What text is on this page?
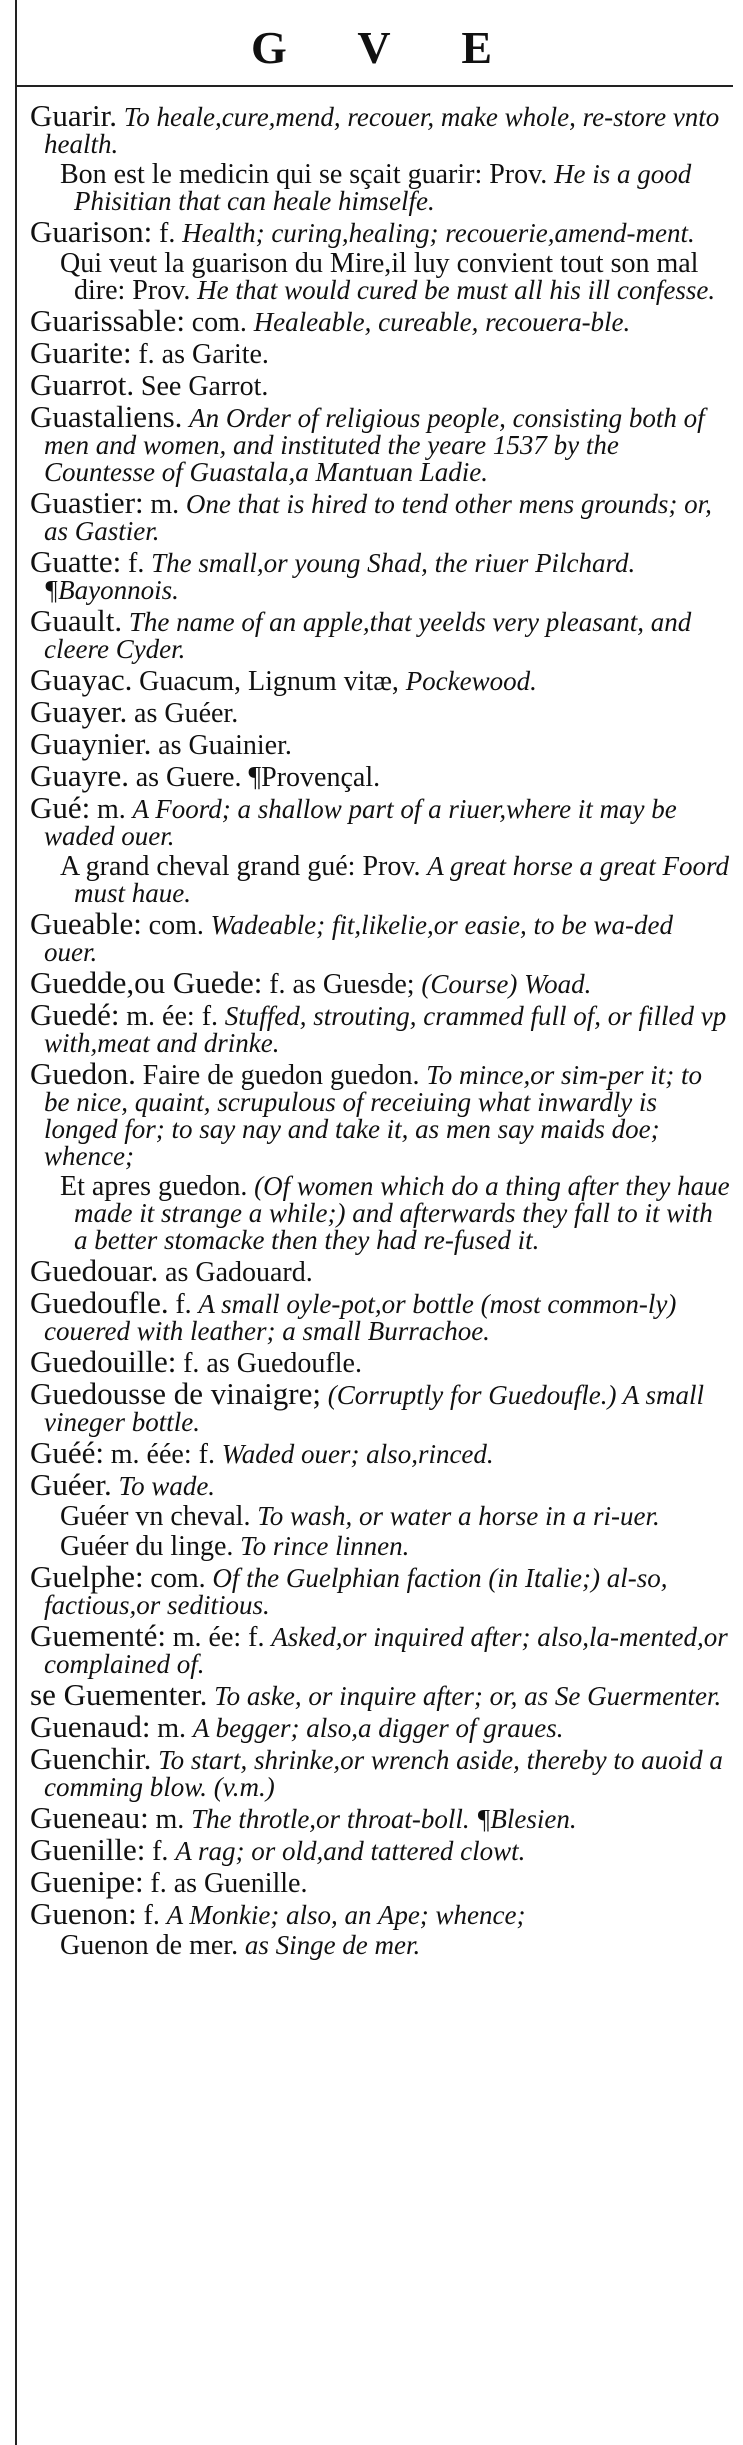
G V E
Guarir. To heale,cure,mend, recouer, make whole, re-store vnto health.
Bon est le medicin qui se sçait guarir: Prov. He is a good Phisitian that can heale himselfe.
Guarison: f. Health; curing,healing; recouerie,amend-ment.
Qui veut la guarison du Mire,il luy convient tout son mal dire: Prov. He that would cured be must all his ill confesse.
Guarissable: com. Healeable, cureable, recouera-ble.
Guarite: f. as Garite.
Guarrot. See Garrot.
Guastaliens. An Order of religious people, consisting both of men and women, and instituted the yeare 1537 by the Countesse of Guastala,a Mantuan Ladie.
Guastier: m. One that is hired to tend other mens grounds; or, as Gastier.
Guatte: f. The small,or young Shad, the riuer Pilchard. ¶Bayonnois.
Guault. The name of an apple,that yeelds very pleasant, and cleere Cyder.
Guayac. Guacum, Lignum vitæ, Pockewood.
Guayer. as Guéer.
Guaynier. as Guainier.
Guayre. as Guere. ¶Provençal.
Gué: m. A Foord; a shallow part of a riuer,where it may be waded ouer.
A grand cheval grand gué: Prov. A great horse a great Foord must haue.
Gueable: com. Wadeable; fit,likelie,or easie, to be wa-ded ouer.
Guedde,ou Guede: f. as Guesde; (Course) Woad.
Guedé: m. ée: f. Stuffed, strouting, crammed full of, or filled vp with,meat and drinke.
Guedon. Faire de guedon guedon. To mince,or sim-per it; to be nice, quaint, scrupulous of receiuing what inwardly is longed for; to say nay and take it, as men say maids doe; whence;
Et apres guedon. (Of women which do a thing after they haue made it strange a while;) and afterwards they fall to it with a better stomacke then they had re-fused it.
Guedouar. as Gadouard.
Guedoufle. f. A small oyle-pot,or bottle (most common-ly) couered with leather; a small Burrachoe.
Guedouille: f. as Guedoufle.
Guedousse de vinaigre; (Corruptly for Guedoufle.) A small vineger bottle.
Guéé: m. éée: f. Waded ouer; also,rinced.
Guéer. To wade.
Guéer vn cheval. To wash, or water a horse in a ri-uer.
Guéer du linge. To rince linnen.
Guelphe: com. Of the Guelphian faction (in Italie;) al-so, factious,or seditious.
Guementé: m. ée: f. Asked,or inquired after; also,la-mented,or complained of.
se Guementer. To aske, or inquire after; or, as Se Guermenter.
Guenaud: m. A begger; also,a digger of graues.
Guenchir. To start, shrinke,or wrench aside, thereby to auoid a comming blow. (v.m.)
Gueneau: m. The throtle,or throat-boll. ¶Blesien.
Guenille: f. A rag; or old,and tattered clowt.
Guenipe: f. as Guenille.
Guenon: f. A Monkie; also, an Ape; whence;
Guenon de mer. as Singe de mer.
